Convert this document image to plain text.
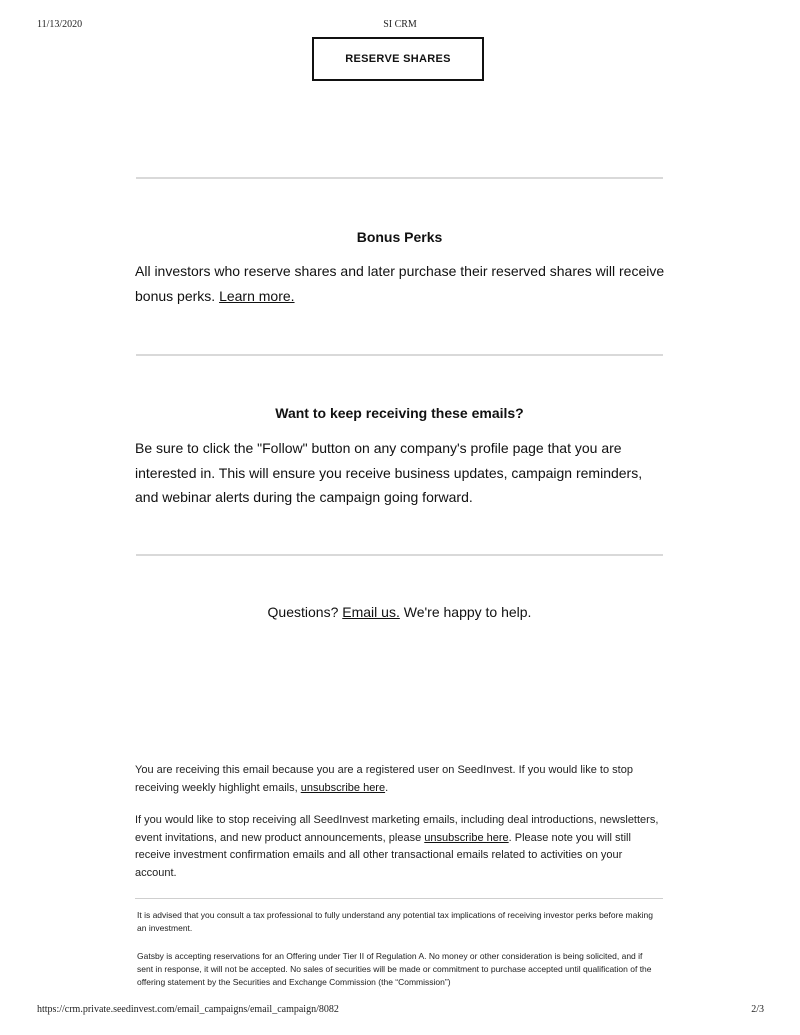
11/13/2020	SI CRM
RESERVE SHARES
Bonus Perks
All investors who reserve shares and later purchase their reserved shares will receive bonus perks. Learn more.
Want to keep receiving these emails?
Be sure to click the "Follow" button on any company's profile page that you are interested in. This will ensure you receive business updates, campaign reminders, and webinar alerts during the campaign going forward.
Questions? Email us. We're happy to help.
You are receiving this email because you are a registered user on SeedInvest. If you would like to stop receiving weekly highlight emails, unsubscribe here.
If you would like to stop receiving all SeedInvest marketing emails, including deal introductions, newsletters, event invitations, and new product announcements, please unsubscribe here. Please note you will still receive investment confirmation emails and all other transactional emails related to activities on your account.
It is advised that you consult a tax professional to fully understand any potential tax implications of receiving investor perks before making an investment.
Gatsby is accepting reservations for an Offering under Tier II of Regulation A. No money or other consideration is being solicited, and if sent in response, it will not be accepted. No sales of securities will be made or commitment to purchase accepted until qualification of the offering statement by the Securities and Exchange Commission (the “Commission”)
https://crm.private.seedinvest.com/email_campaigns/email_campaign/8082	2/3
